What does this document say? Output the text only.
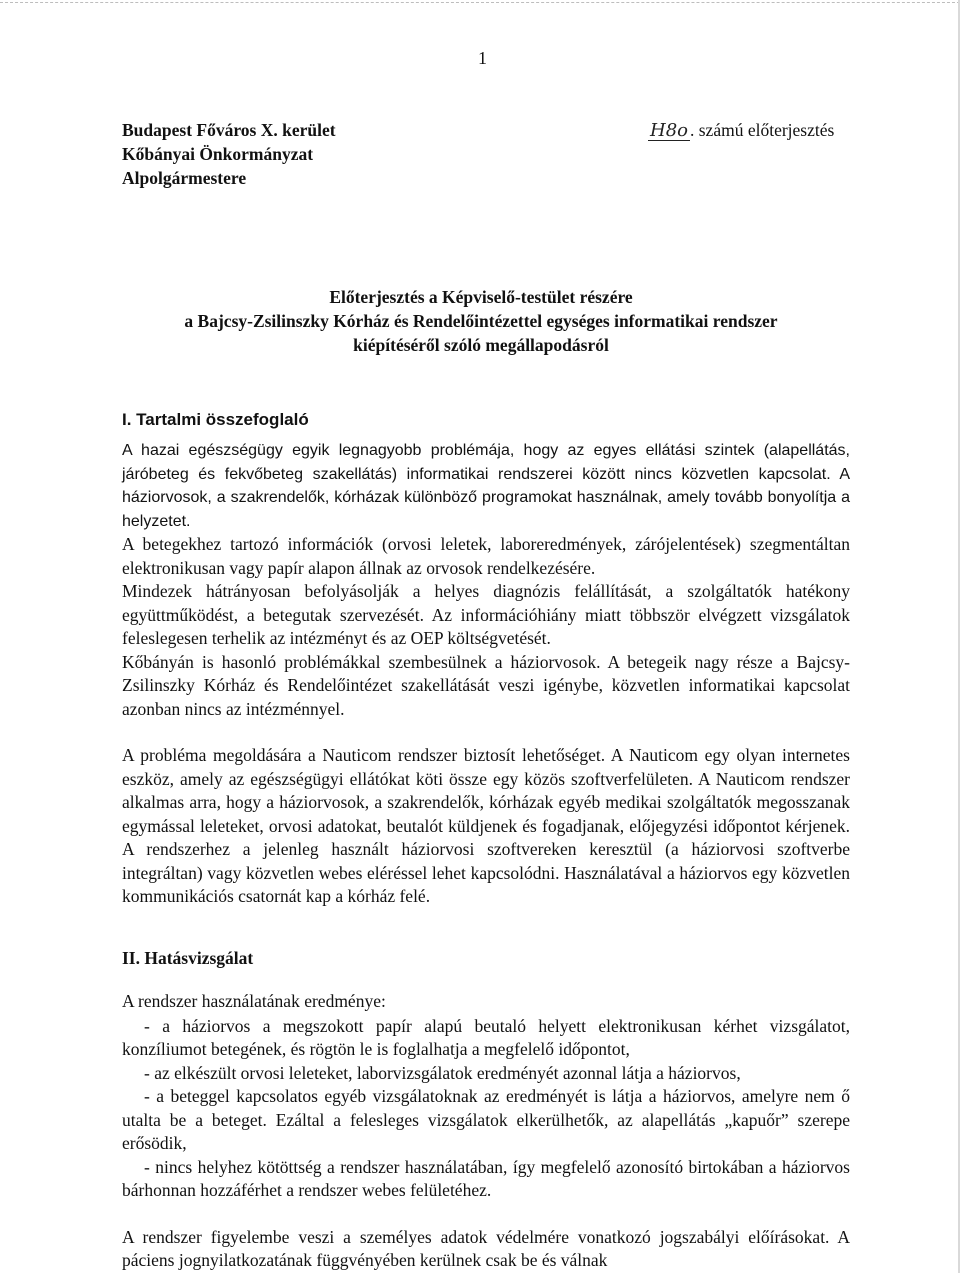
1
Budapest Főváros X. kerület
Kőbányai Önkormányzat
Alpolgármestere
H8o . számú előterjesztés
Előterjesztés a Képviselő-testület részére
a Bajcsy-Zsilinszky Kórház és Rendelőintézettel egységes informatikai rendszer
kiépítéséről szóló megállapodásról
I. Tartalmi összefoglaló

A hazai egészségügy egyik legnagyobb problémája, hogy az egyes ellátási szintek (alapellátás, járóbeteg és fekvőbeteg szakellátás) informatikai rendszerei között nincs közvetlen kapcsolat. A háziorvosok, a szakrendelők, kórházak különböző programokat használnak, amely tovább bonyolítja a helyzetet.

A betegekhez tartozó információk (orvosi leletek, laboreredmények, zárójelentések) szegmentáltan elektronikusan vagy papír alapon állnak az orvosok rendelkezésére.

Mindezek hátrányosan befolyásolják a helyes diagnózis felállítását, a szolgáltatók hatékony együttműködést, a betegutak szervezését. Az információhiány miatt többször elvégzett vizsgálatok feleslegesen terhelik az intézményt és az OEP költségvetését.

Kőbányán is hasonló problémákkal szembesülnek a háziorvosok. A betegeik nagy része a Bajcsy-Zsilinszky Kórház és Rendelőintézet szakellátását veszi igénybe, közvetlen informatikai kapcsolat azonban nincs az intézménnyel.

A probléma megoldására a Nauticom rendszer biztosít lehetőséget. A Nauticom egy olyan internetes eszköz, amely az egészségügyi ellátókat köti össze egy közös szoftverfelületen. A Nauticom rendszer alkalmas arra, hogy a háziorvosok, a szakrendelők, kórházak egyéb medikai szolgáltatók megosszanak egymással leleteket, orvosi adatokat, beutalót küldjenek és fogadjanak, előjegyzési időpontot kérjenek. A rendszerhez a jelenleg használt háziorvosi szoftvereken keresztül (a háziorvosi szoftverbe integráltan) vagy közvetlen webes eléréssel lehet kapcsolódni. Használatával a háziorvos egy közvetlen kommunikációs csatornát kap a kórház felé.

II. Hatásvizsgálat

A rendszer használatának eredménye:

- a háziorvos a megszokott papír alapú beutaló helyett elektronikusan kérhet vizsgálatot, konzíliumot betegének, és rögtön le is foglalhatja a megfelelő időpontot,

- az elkészült orvosi leleteket, laborvizsgálatok eredményét azonnal látja a háziorvos,

- a beteggel kapcsolatos egyéb vizsgálatoknak az eredményét is látja a háziorvos, amelyre nem ő utalta be a beteget. Ezáltal a felesleges vizsgálatok elkerülhetők, az alapellátás „kapuőr” szerepe erősödik,

- nincs helyhez kötöttség a rendszer használatában, így megfelelő azonosító birtokában a háziorvos bárhonnan hozzáférhet a rendszer webes felületéhez.

A rendszer figyelembe veszi a személyes adatok védelmére vonatkozó jogszabályi előírásokat. A páciens jognyilatkozatának függvényében kerülnek csak be és válnak
